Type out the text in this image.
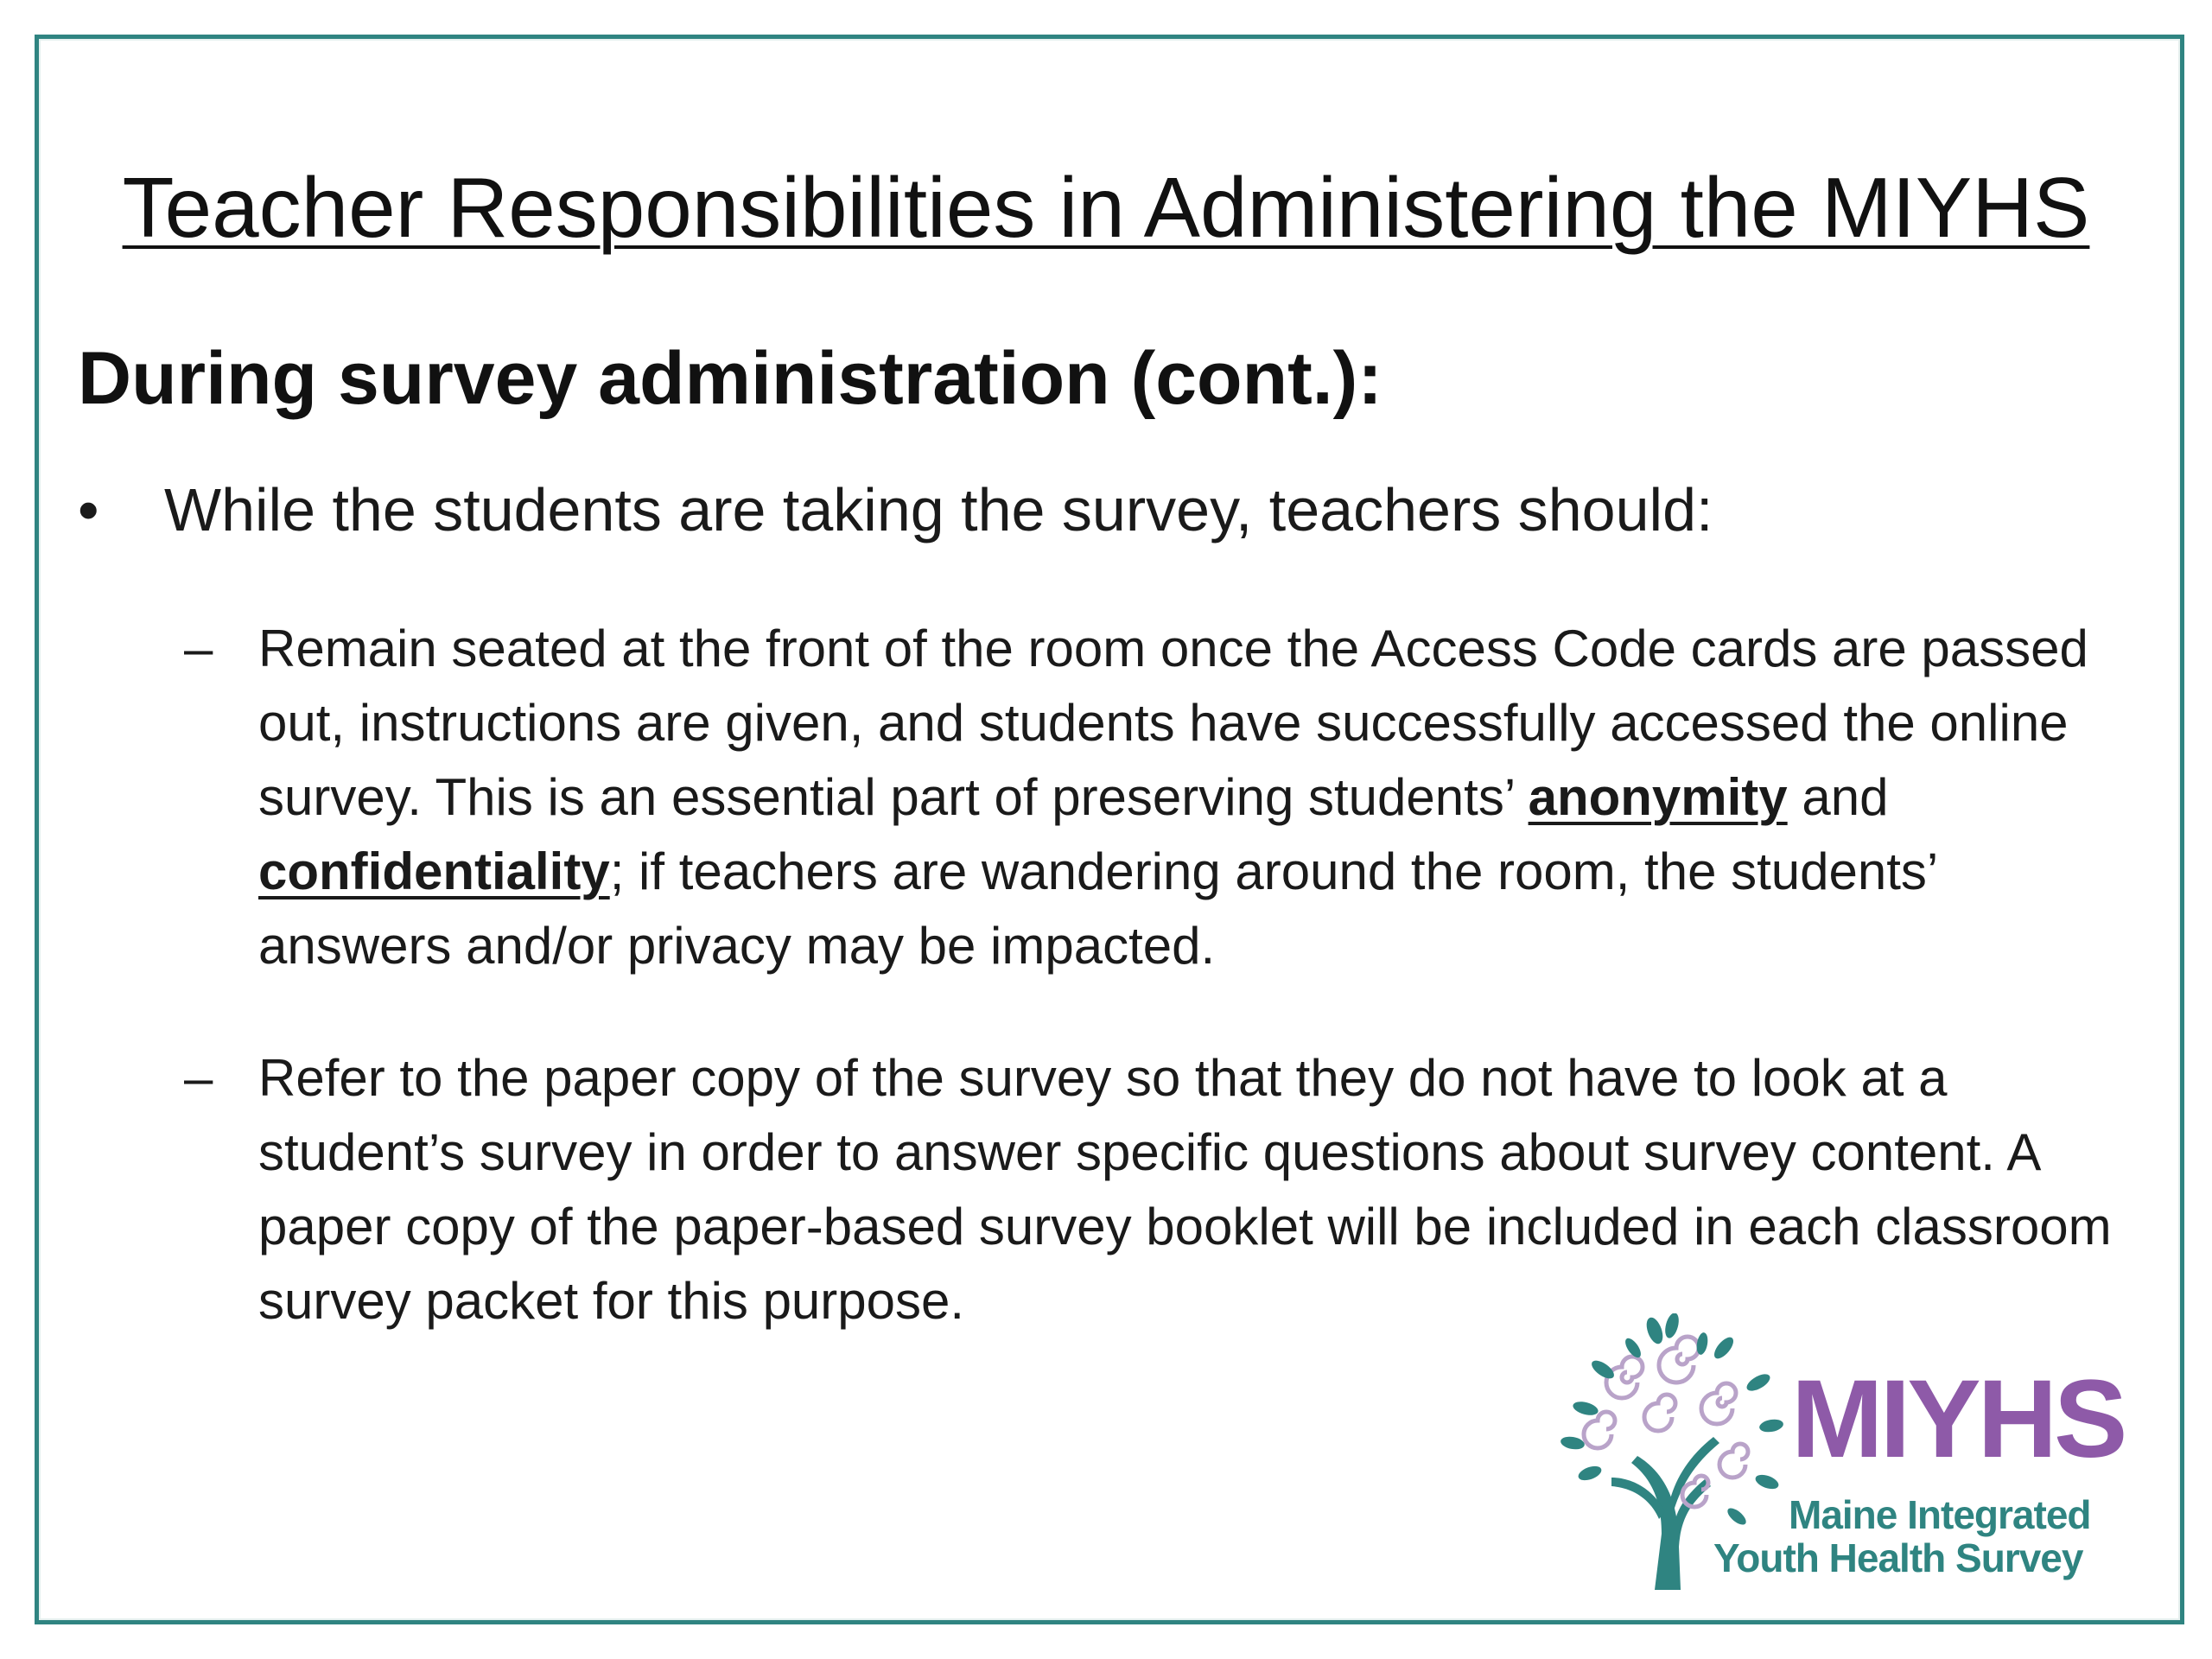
Teacher Responsibilities in Administering the MIYHS
During survey administration (cont.):
•	While the students are taking the survey, teachers should:
– Remain seated at the front of the room once the Access Code cards are passed out, instructions are given, and students have successfully accessed the online survey. This is an essential part of preserving students’ anonymity and confidentiality; if teachers are wandering around the room, the students’ answers and/or privacy may be impacted.
– Refer to the paper copy of the survey so that they do not have to look at a student’s survey in order to answer specific questions about survey content. A paper copy of the paper-based survey booklet will be included in each classroom survey packet for this purpose.
MIYHS
Maine Integrated
Youth Health Survey
